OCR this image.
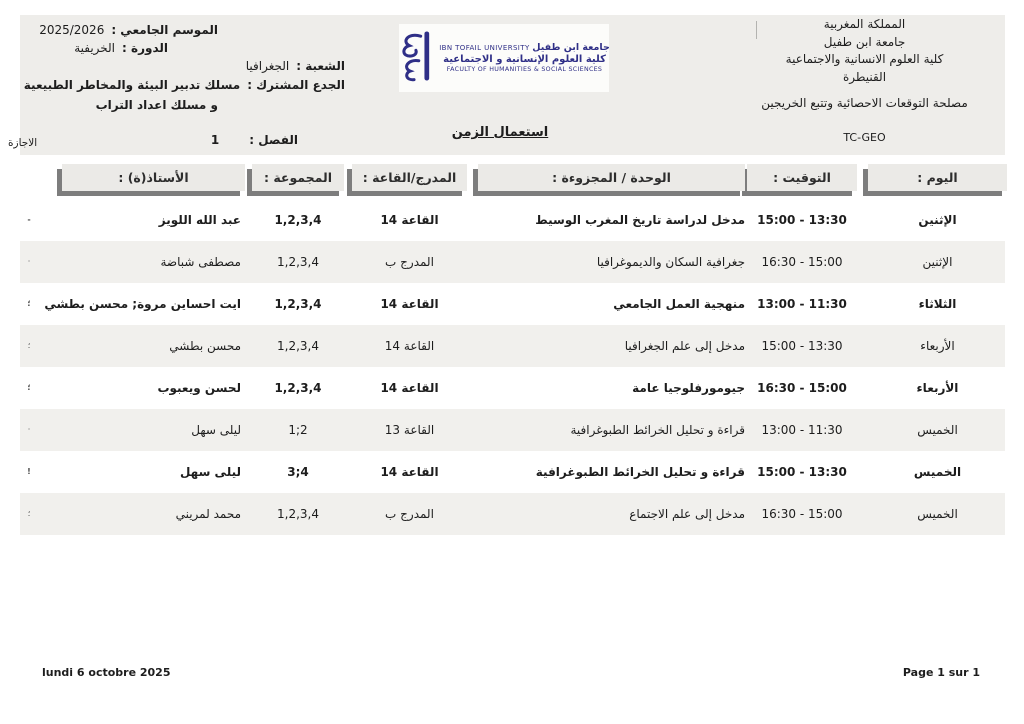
الموسم الجامعي :
2025/2026
الدورة :
الخريفية
الشعبة :
الجغرافيا
الجدع المشترك :
مسلك تدبير البيئة والمخاطر الطبيعية
و مسلك اعداد التراب
الفصل :
1
الاجازة
المملكة المغربية
جامعة ابن طفيل
كلية العلوم الانسانية والاجتماعية
القنيطرة
مصلحة التوقعات الاحصائية وتتبع الخريجين
TC-GEO
IBN TOFAIL UNIVERSITY جامعة ابن طفيل
كلية العلوم الإنسانية و الاجتماعية
FACULTY OF HUMANITIES & SOCIAL SCIENCES
استعمال الزمن
اليوم :
التوقيت :
الوحدة / المجزوءة :
المدرج/القاعة :
المجموعة :
الأستاذ(ة) :
الإثنين
15:00 - 13:30
مدخل لدراسة تاريخ المغرب الوسيط
القاعة 14
1,2,3,4
عبد الله اللويز
-
الإثنين
16:30 - 15:00
جغرافية السكان والديموغرافيا
المدرج ب
1,2,3,4
مصطفى شباضة
·
الثلاثاء
13:00 - 11:30
منهجية العمل الجامعي
القاعة 14
1,2,3,4
ايت احساين مروة; محسن بطشي
؛
الأربعاء
15:00 - 13:30
مدخل إلى علم الجغرافيا
القاعة 14
1,2,3,4
محسن بطشي
؛
الأربعاء
16:30 - 15:00
جيومورفلوجيا عامة
القاعة 14
1,2,3,4
لحسن ويعبوب
؛
الخميس
13:00 - 11:30
قراءة و تحليل الخرائط الطبوغرافية
القاعة 13
1;2
ليلى سهل
·
الخميس
15:00 - 13:30
قراءة و تحليل الخرائط الطبوغرافية
القاعة 14
3;4
ليلى سهل
!
الخميس
16:30 - 15:00
مدخل إلى علم الاجتماع
المدرج ب
1,2,3,4
محمد لمريني
؛
lundi 6 octobre 2025	Page 1 sur 1
